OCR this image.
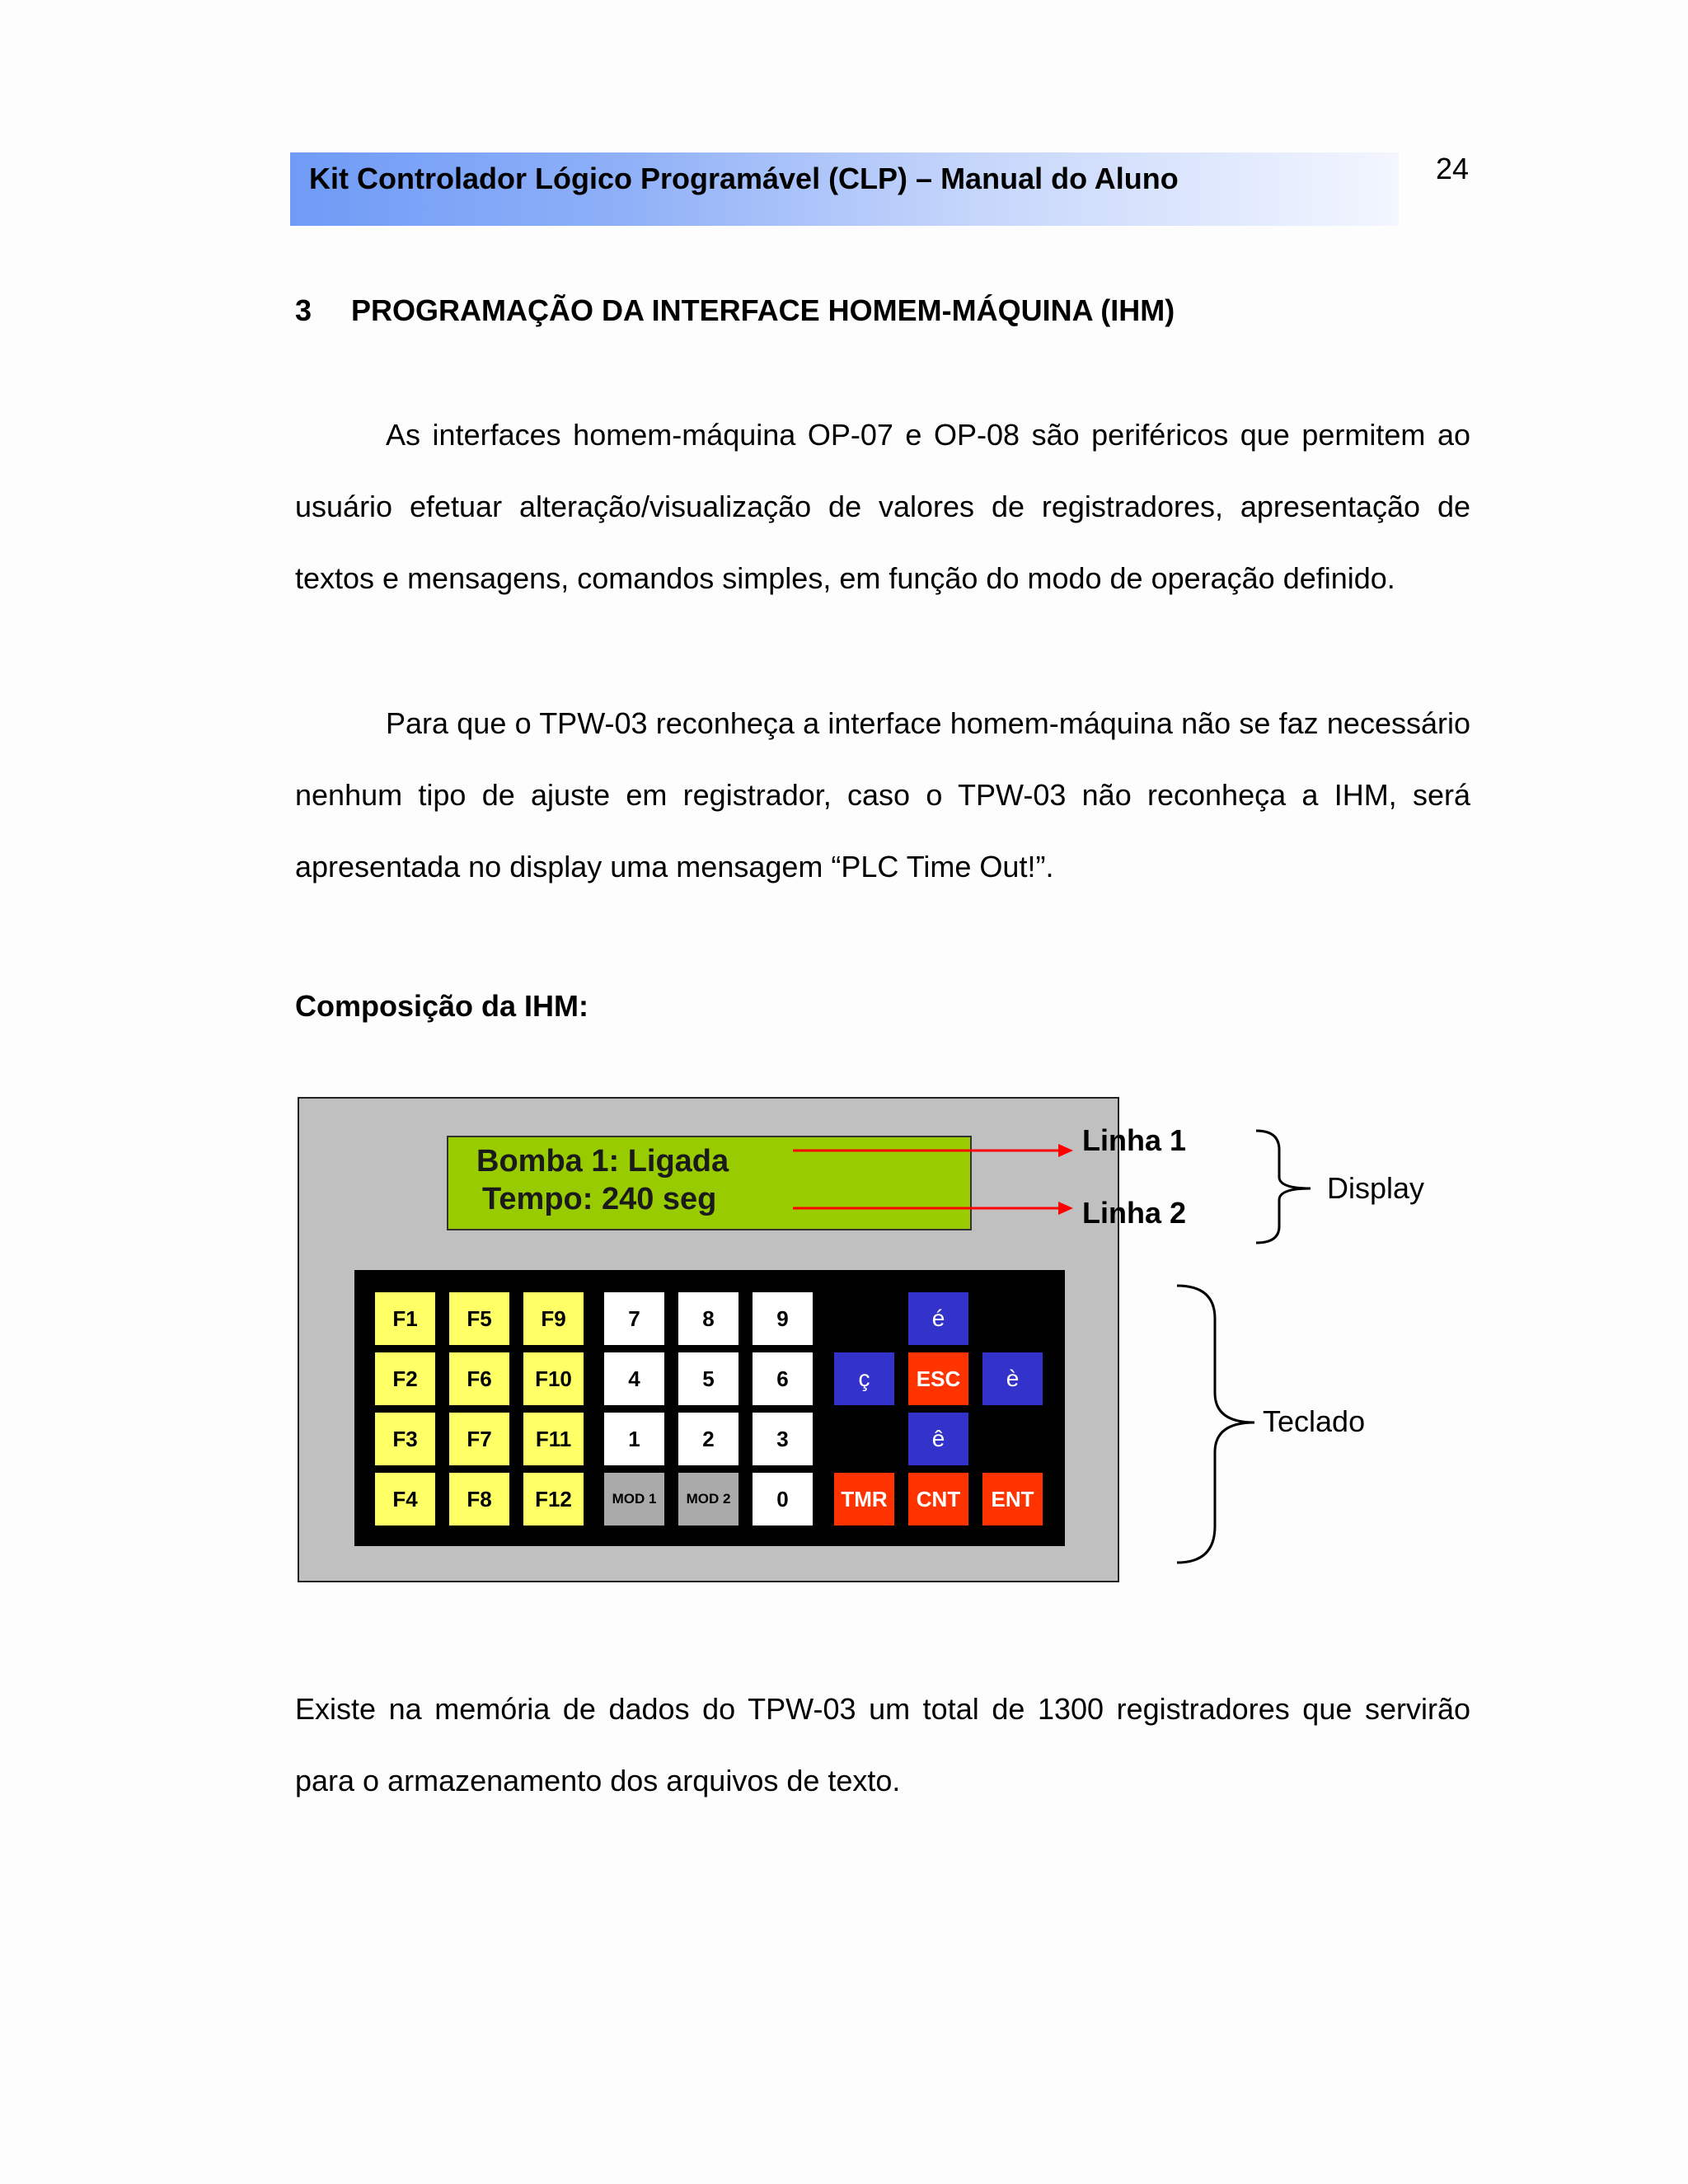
Kit Controlador Lógico Programável (CLP) – Manual do Aluno	24
3 PROGRAMAÇÃO DA INTERFACE HOMEM-MÁQUINA (IHM)

As interfaces homem-máquina OP-07 e OP-08 são periféricos que permitem ao usuário efetuar alteração/visualização de valores de registradores, apresentação de textos e mensagens, comandos simples, em função do modo de operação definido.

Para que o TPW-03 reconheça a interface homem-máquina não se faz necessário nenhum tipo de ajuste em registrador, caso o TPW-03 não reconheça a IHM, será apresentada no display uma mensagem “PLC Time Out!”.

Composição da IHM:
Bomba 1: Ligada
Tempo: 240 seg
F1
F2
F3
F4
F5
F6
F7
F8
F9
F10
F11
F12
7	8	9
4	5	6
1	2	3
MOD 1	MOD 2	0
é
ç	ESC	è
ê
TMR	CNT	ENT
Linha 1
Linha 2
Display
Teclado

Existe na memória de dados do TPW-03 um total de 1300 registradores que servirão para o armazenamento dos arquivos de texto.
